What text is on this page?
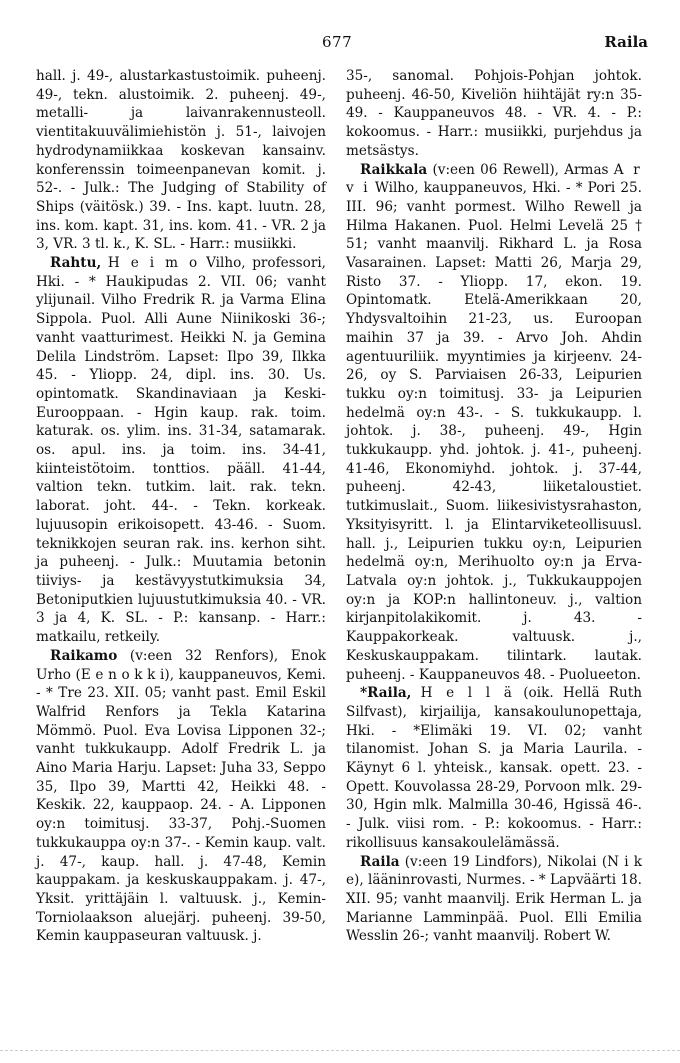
677	Raila

hall. j. 49-, alustarkastustoimik. puheenj. 49-, tekn. alustoimik. 2. puheenj. 49-, metalli- ja laivanrakennusteoll. vientitakuuvälimiehistön j. 51-, laivojen hydrodynamiikkaa koskevan kansainv. konferenssin toimeenpanevan komit. j. 52-. - Julk.: The Judging of Stability of Ships (väitösk.) 39. - Ins. kapt. luutn. 28, ins. kom. kapt. 31, ins. kom. 41. - VR. 2 ja 3, VR. 3 tl. k., K. SL. - Harr.: musiikki.

Rahtu, H e i m o Vilho, professori, Hki. - * Haukipudas 2. VII. 06; vanht ylijunail. Vilho Fredrik R. ja Varma Elina Sippola. Puol. Alli Aune Niinikoski 36-; vanht vaatturimest. Heikki N. ja Gemina Delila Lindström. Lapset: Ilpo 39, Ilkka 45. - Yliopp. 24, dipl. ins. 30. Us. opintomatk. Skandinaviaan ja Keski-Eurooppaan. - Hgin kaup. rak. toim. katurak. os. ylim. ins. 31-34, satamarak. os. apul. ins. ja toim. ins. 34-41, kiinteistötoim. tonttios. pääll. 41-44, valtion tekn. tutkim. lait. rak. tekn. laborat. joht. 44-. - Tekn. korkeak. lujuusopin erikoisopett. 43-46. - Suom. teknikkojen seuran rak. ins. kerhon siht. ja puheenj. - Julk.: Muutamia betonin tiiviys- ja kestävyystutkimuksia 34, Betoniputkien lujuustutkimuksia 40. - VR. 3 ja 4, K. SL. - P.: kansanp. - Harr.: matkailu, retkeily.

Raikamo (v:een 32 Renfors), Enok Urho (E e n o k k i), kauppaneuvos, Kemi. - * Tre 23. XII. 05; vanht past. Emil Eskil Walfrid Renfors ja Tekla Katarina Mömmö. Puol. Eva Lovisa Lipponen 32-; vanht tukkukaupp. Adolf Fredrik L. ja Aino Maria Harju. Lapset: Juha 33, Seppo 35, Ilpo 39, Martti 42, Heikki 48. - Keskik. 22, kauppaop. 24. - A. Lipponen oy:n toimitusj. 33-37, Pohj.-Suomen tukkukauppa oy:n 37-. - Kemin kaup. valt. j. 47-, kaup. hall. j. 47-48, Kemin kauppakam. ja keskuskauppakam. j. 47-, Yksit. yrittäjäin l. valtuusk. j., Kemin-Torniolaakson aluejärj. puheenj. 39-50, Kemin kauppaseuran valtuusk. j.

35-, sanomal. Pohjois-Pohjan johtok. puheenj. 46-50, Kiveliön hiihtäjät ry:n 35-49. - Kauppaneuvos 48. - VR. 4. - P.: kokoomus. - Harr.: musiikki, purjehdus ja metsästys.

Raikkala (v:een 06 Rewell), Armas A r v i Wilho, kauppaneuvos, Hki. - * Pori 25. III. 96; vanht pormest. Wilho Rewell ja Hilma Hakanen. Puol. Helmi Levelä 25 † 51; vanht maanvilj. Rikhard L. ja Rosa Vasarainen. Lapset: Matti 26, Marja 29, Risto 37. - Yliopp. 17, ekon. 19. Opintomatk. Etelä-Amerikkaan 20, Yhdysvaltoihin 21-23, us. Euroopan maihin 37 ja 39. - Arvo Joh. Ahdin agentuuriliik. myyntimies ja kirjeenv. 24-26, oy S. Parviaisen 26-33, Leipurien tukku oy:n toimitusj. 33- ja Leipurien hedelmä oy:n 43-. - S. tukkukaupp. l. johtok. j. 38-, puheenj. 49-, Hgin tukkukaupp. yhd. johtok. j. 41-, puheenj. 41-46, Ekonomiyhd. johtok. j. 37-44, puheenj. 42-43, liiketaloustiet. tutkimuslait., Suom. liikesivistysrahaston, Yksityisyritt. l. ja Elintarviketeollisuusl. hall. j., Leipurien tukku oy:n, Leipurien hedelmä oy:n, Merihuolto oy:n ja Erva-Latvala oy:n johtok. j., Tukkukauppojen oy:n ja KOP:n hallintoneuv. j., valtion kirjanpitolakikomit. j. 43. - Kauppakorkeak. valtuusk. j., Keskuskauppakam. tilintark. lautak. puheenj. - Kauppaneuvos 48. - Puolueeton.

*Raila, H e l l ä (oik. Hellä Ruth Silfvast), kirjailija, kansakoulunopettaja, Hki. - *Elimäki 19. VI. 02; vanht tilanomist. Johan S. ja Maria Laurila. - Käynyt 6 l. yhteisk., kansak. opett. 23. - Opett. Kouvolassa 28-29, Porvoon mlk. 29-30, Hgin mlk. Malmilla 30-46, Hgissä 46-. - Julk. viisi rom. - P.: kokoomus. - Harr.: rikollisuus kansakoulelämässä.

Raila (v:een 19 Lindfors), Nikolai (N i k e), lääninrovasti, Nurmes. - * Lapväärti 18. XII. 95; vanht maanvilj. Erik Herman L. ja Marianne Lamminpää. Puol. Elli Emilia Wesslin 26-; vanht maanvilj. Robert W.
